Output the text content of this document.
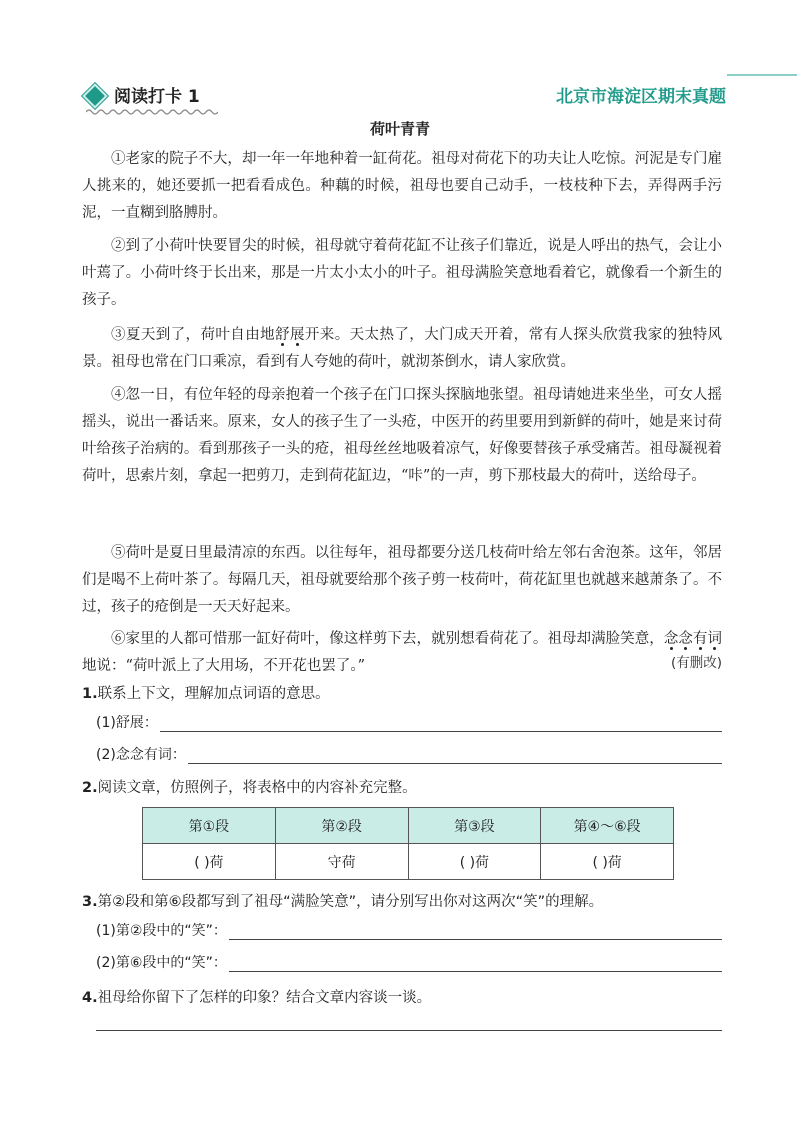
阅读打卡 1	北京市海淀区期末真题
荷叶青青
①老家的院子不大，却一年一年地种着一缸荷花。祖母对荷花下的功夫让人吃惊。河泥是专门雇人挑来的，她还要抓一把看看成色。种藕的时候，祖母也要自己动手，一枝枝种下去，弄得两手污泥，一直糊到胳膊肘。
②到了小荷叶快要冒尖的时候，祖母就守着荷花缸不让孩子们靠近，说是人呼出的热气，会让小叶蔫了。小荷叶终于长出来，那是一片太小太小的叶子。祖母满脸笑意地看着它，就像看一个新生的孩子。
③夏天到了，荷叶自由地舒展开来。天太热了，大门成天开着，常有人探头欣赏我家的独特风景。祖母也常在门口乘凉，看到有人夸她的荷叶，就沏茶倒水，请人家欣赏。
④忽一日，有位年轻的母亲抱着一个孩子在门口探头探脑地张望。祖母请她进来坐坐，可女人摇摇头，说出一番话来。原来，女人的孩子生了一头疮，中医开的药里要用到新鲜的荷叶，她是来讨荷叶给孩子治病的。看到那孩子一头的疮，祖母丝丝地吸着凉气，好像要替孩子承受痛苦。祖母凝视着荷叶，思索片刻，拿起一把剪刀，走到荷花缸边，“咔”的一声，剪下那枝最大的荷叶，送给母子。
⑤荷叶是夏日里最清凉的东西。以往每年，祖母都要分送几枝荷叶给左邻右舍泡茶。这年，邻居们是喝不上荷叶茶了。每隔几天，祖母就要给那个孩子剪一枝荷叶，荷花缸里也就越来越萧条了。不过，孩子的疮倒是一天天好起来。
⑥家里的人都可惜那一缸好荷叶，像这样剪下去，就别想看荷花了。祖母却满脸笑意，念念有词地说：“荷叶派上了大用场，不开花也罢了。”	(有删改)
1.联系上下文，理解加点词语的意思。
(1)舒展：
(2)念念有词：
2.阅读文章，仿照例子，将表格中的内容补充完整。
第①段	第②段	第③段	第④～⑥段
( )荷	守荷	( )荷	( )荷
3.第②段和第⑥段都写到了祖母“满脸笑意”，请分别写出你对这两次“笑”的理解。
(1)第②段中的“笑”：
(2)第⑥段中的“笑”：
4.祖母给你留下了怎样的印象？结合文章内容谈一谈。
